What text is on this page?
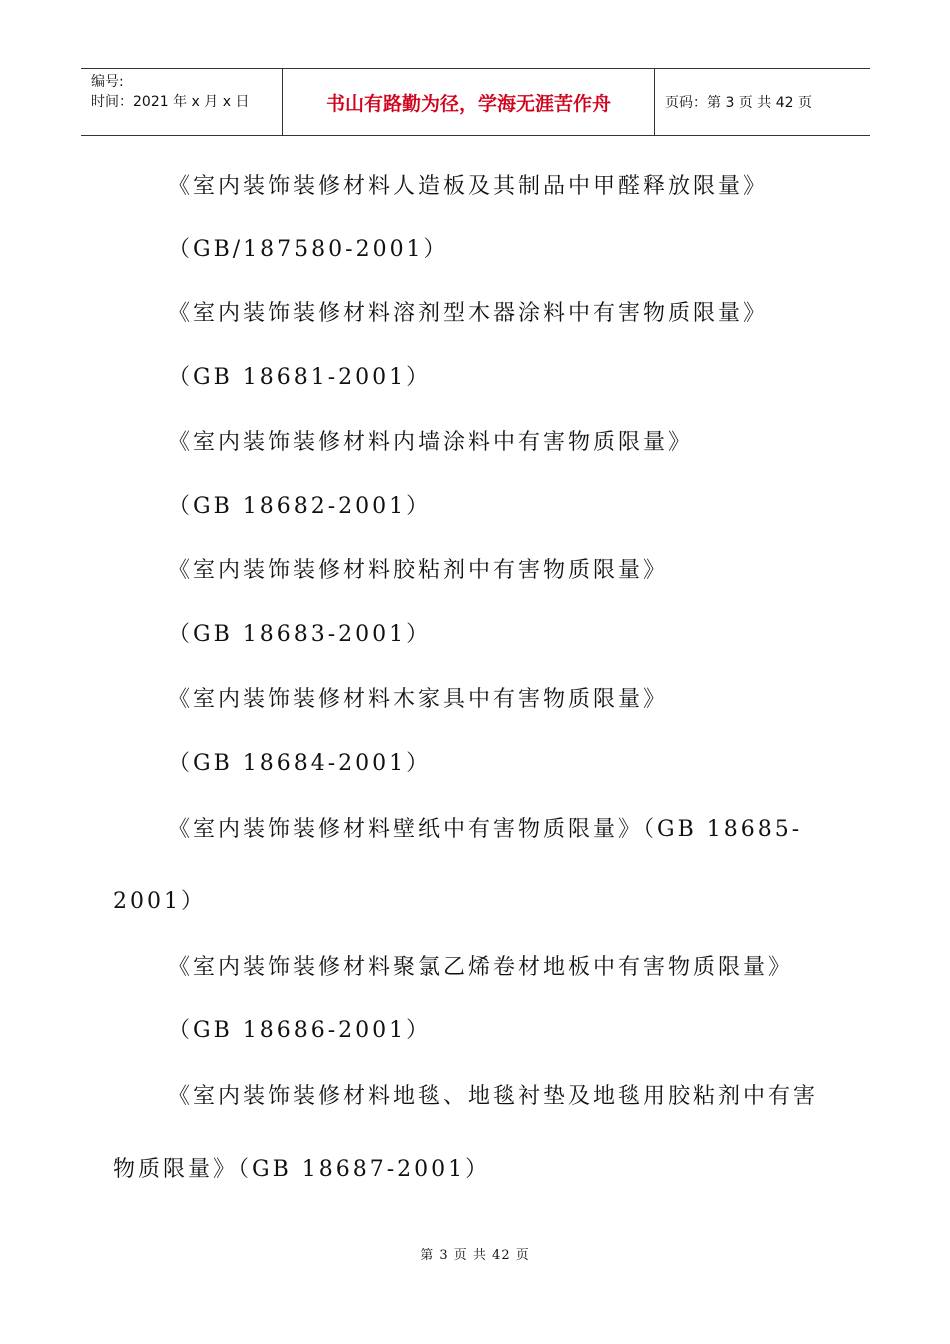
编号:
时间：2021 年 x 月 x 日	书山有路勤为径，学海无涯苦作舟	页码：第 3 页 共 42 页
《室内装饰装修材料人造板及其制品中甲醛释放限量》
（GB/187580-2001）
《室内装饰装修材料溶剂型木器涂料中有害物质限量》
（GB 18681-2001）
《室内装饰装修材料内墙涂料中有害物质限量》
（GB 18682-2001）
《室内装饰装修材料胶粘剂中有害物质限量》
（GB 18683-2001）
《室内装饰装修材料木家具中有害物质限量》
（GB 18684-2001）
《室内装饰装修材料壁纸中有害物质限量》（GB 18685-
2001）
《室内装饰装修材料聚氯乙烯卷材地板中有害物质限量》
（GB 18686-2001）
《室内装饰装修材料地毯、地毯衬垫及地毯用胶粘剂中有害
物质限量》（GB 18687-2001）
第 3 页 共 42 页
